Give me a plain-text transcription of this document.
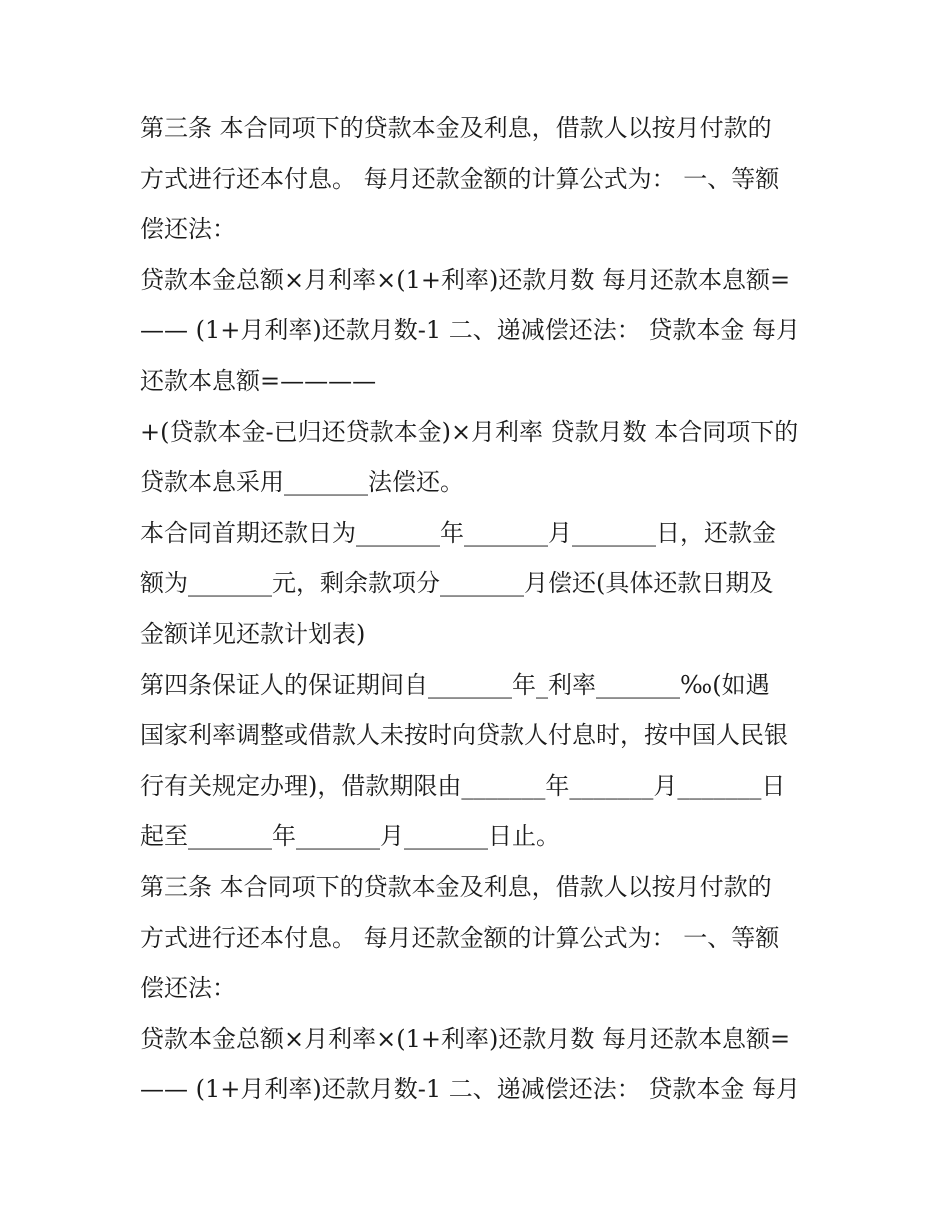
第三条 本合同项下的贷款本金及利息，借款人以按月付款的
方式进行还本付息。 每月还款金额的计算公式为： 一、等额
偿还法：
贷款本金总额×月利率×(1+利率)还款月数 每月还款本息额=
—— (1+月利率)还款月数-1 二、递减偿还法： 贷款本金 每月
还款本息额=————
+(贷款本金-已归还贷款本金)×月利率 贷款月数 本合同项下的
贷款本息采用_______法偿还。
本合同首期还款日为_______年_______月_______日，还款金
额为_______元，剩余款项分_______月偿还(具体还款日期及
金额详见还款计划表)
第四条保证人的保证期间自_______年_利率_______‰(如遇
国家利率调整或借款人未按时向贷款人付息时，按中国人民银
行有关规定办理)，借款期限由_______年_______月_______日
起至_______年_______月_______日止。
第三条 本合同项下的贷款本金及利息，借款人以按月付款的
方式进行还本付息。 每月还款金额的计算公式为： 一、等额
偿还法：
贷款本金总额×月利率×(1+利率)还款月数 每月还款本息额=
—— (1+月利率)还款月数-1 二、递减偿还法： 贷款本金 每月
